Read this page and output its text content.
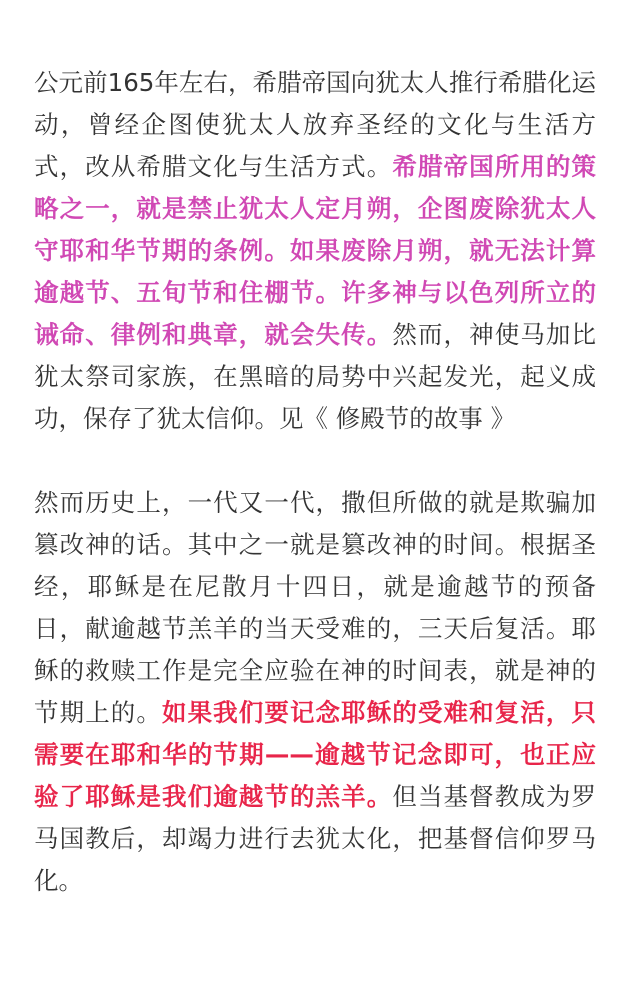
公元前165年左右，希腊帝国向犹太人推行希腊化运动，曾经企图使犹太人放弃圣经的文化与生活方式，改从希腊文化与生活方式。希腊帝国所用的策略之一，就是禁止犹太人定月朔，企图废除犹太人守耶和华节期的条例。如果废除月朔，就无法计算逾越节、五旬节和住棚节。许多神与以色列所立的诫命、律例和典章，就会失传。然而，神使马加比犹太祭司家族，在黑暗的局势中兴起发光，起义成功，保存了犹太信仰。见《 修殿节的故事 》

然而历史上，一代又一代，撒但所做的就是欺骗加篡改神的话。其中之一就是篡改神的时间。根据圣经，耶稣是在尼散月十四日，就是逾越节的预备日，献逾越节羔羊的当天受难的，三天后复活。耶稣的救赎工作是完全应验在神的时间表，就是神的节期上的。如果我们要记念耶稣的受难和复活，只需要在耶和华的节期——逾越节记念即可，也正应验了耶稣是我们逾越节的羔羊。但当基督教成为罗马国教后，却竭力进行去犹太化，把基督信仰罗马化。
